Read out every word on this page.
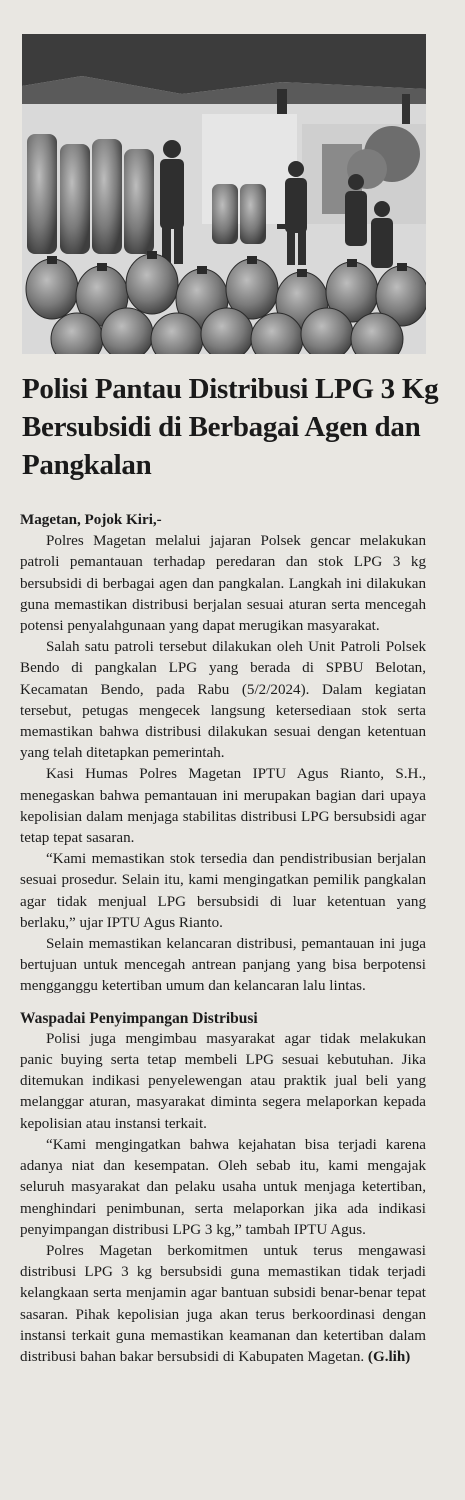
Polisi Pantau Distribusi LPG 3 Kg Bersubsidi di Berbagai Agen dan Pangkalan
Magetan, Pojok Kiri,-

Polres Magetan melalui jajaran Polsek gencar melakukan patroli pemantauan terhadap peredaran dan stok LPG 3 kg bersubsidi di berbagai agen dan pangkalan. Langkah ini dilakukan guna memastikan distribusi berjalan sesuai aturan serta mencegah potensi penyalahgunaan yang dapat merugikan masyarakat.

Salah satu patroli tersebut dilakukan oleh Unit Patroli Polsek Bendo di pangkalan LPG yang berada di SPBU Belotan, Kecamatan Bendo, pada Rabu (5/2/2024). Dalam kegiatan tersebut, petugas mengecek langsung ketersediaan stok serta memastikan bahwa distribusi dilakukan sesuai dengan ketentuan yang telah ditetapkan pemerintah.

Kasi Humas Polres Magetan IPTU Agus Rianto, S.H., menegaskan bahwa pemantauan ini merupakan bagian dari upaya kepolisian dalam menjaga stabilitas distribusi LPG bersubsidi agar tetap tepat sasaran.

“Kami memastikan stok tersedia dan pendistribusian berjalan sesuai prosedur. Selain itu, kami mengingatkan pemilik pangkalan agar tidak menjual LPG bersubsidi di luar ketentuan yang berlaku,” ujar IPTU Agus Rianto.

Selain memastikan kelancaran distribusi, pemantauan ini juga bertujuan untuk mencegah antrean panjang yang bisa berpotensi mengganggu ketertiban umum dan kelancaran lalu lintas.

Waspadai Penyimpangan Distribusi

Polisi juga mengimbau masyarakat agar tidak melakukan panic buying serta tetap membeli LPG sesuai kebutuhan. Jika ditemukan indikasi penyelewengan atau praktik jual beli yang melanggar aturan, masyarakat diminta segera melaporkan kepada kepolisian atau instansi terkait.

“Kami mengingatkan bahwa kejahatan bisa terjadi karena adanya niat dan kesempatan. Oleh sebab itu, kami mengajak seluruh masyarakat dan pelaku usaha untuk menjaga ketertiban, menghindari penimbunan, serta melaporkan jika ada indikasi penyimpangan distribusi LPG 3 kg,” tambah IPTU Agus.

Polres Magetan berkomitmen untuk terus mengawasi distribusi LPG 3 kg bersubsidi guna memastikan tidak terjadi kelangkaan serta menjamin agar bantuan subsidi benar-benar tepat sasaran. Pihak kepolisian juga akan terus berkoordinasi dengan instansi terkait guna memastikan keamanan dan ketertiban dalam distribusi bahan bakar bersubsidi di Kabupaten Magetan. (G.lih)
